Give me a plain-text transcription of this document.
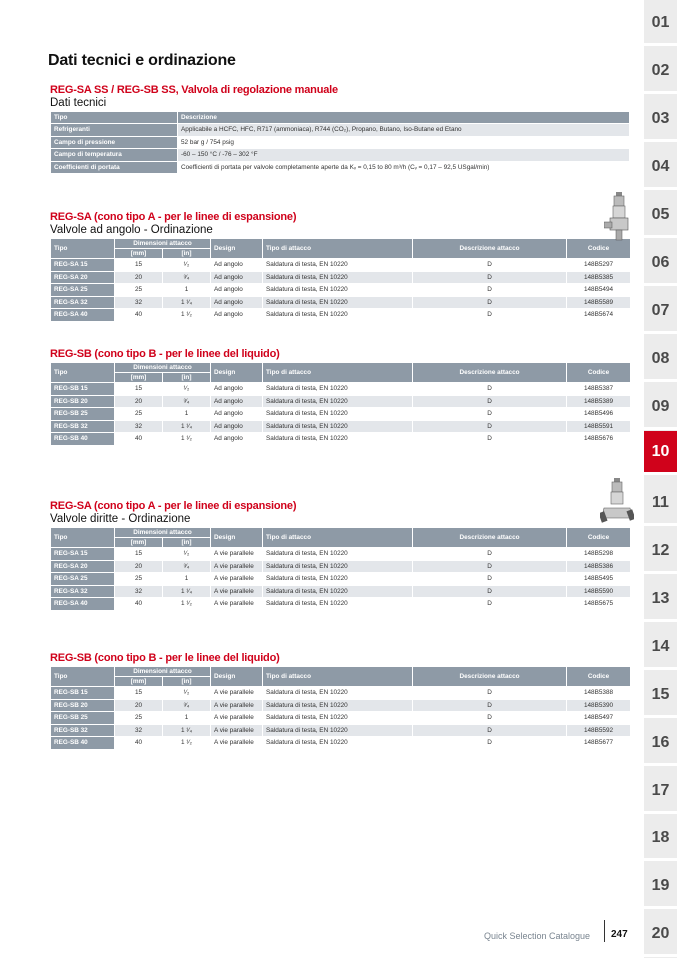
Dati tecnici e ordinazione
REG-SA SS / REG-SB SS, Valvola di regolazione manuale
Dati tecnici
Tipo	Descrizione
Refrigeranti	Applicabile a HCFC, HFC, R717 (ammoniaca), R744 (CO₂), Propano, Butano, Iso-Butane ed Etano
Campo di pressione	52 bar g / 754 psig
Campo di temperatura	-60 – 150 °C / -76 – 302 °F
Coefficienti di portata	Coefficienti di portata per valvole completamente aperte da Kᵥ = 0,15 to 80 m³/h (Cᵥ = 0,17 – 92,5 USgal/min)
REG-SA (cono tipo A - per le linee di espansione)
Valvole ad angolo - Ordinazione
Tipo	Dimensioni attacco		Design	Tipo di attacco	Descrizione attacco	Codice
	[mm]	[in]				
REG-SA 15	15	¹⁄₂	Ad angolo	Saldatura di testa, EN 10220	D	148B5297
REG-SA 20	20	³⁄₄	Ad angolo	Saldatura di testa, EN 10220	D	148B5385
REG-SA 25	25	1	Ad angolo	Saldatura di testa, EN 10220	D	148B5494
REG-SA 32	32	1 ¹⁄₄	Ad angolo	Saldatura di testa, EN 10220	D	148B5589
REG-SA 40	40	1 ¹⁄₂	Ad angolo	Saldatura di testa, EN 10220	D	148B5674
REG-SB (cono tipo B - per le linee del liquido)
Tipo	Dimensioni attacco		Design	Tipo di attacco	Descrizione attacco	Codice
	[mm]	[in]				
REG-SB 15	15	¹⁄₂	Ad angolo	Saldatura di testa, EN 10220	D	148B5387
REG-SB 20	20	³⁄₄	Ad angolo	Saldatura di testa, EN 10220	D	148B5389
REG-SB 25	25	1	Ad angolo	Saldatura di testa, EN 10220	D	148B5496
REG-SB 32	32	1 ¹⁄₄	Ad angolo	Saldatura di testa, EN 10220	D	148B5591
REG-SB 40	40	1 ¹⁄₂	Ad angolo	Saldatura di testa, EN 10220	D	148B5676
REG-SA (cono tipo A - per le linee di espansione)
Valvole diritte - Ordinazione
Tipo	Dimensioni attacco		Design	Tipo di attacco	Descrizione attacco	Codice
	[mm]	[in]				
REG-SA 15	15	¹⁄₂	A vie parallele	Saldatura di testa, EN 10220	D	148B5298
REG-SA 20	20	³⁄₄	A vie parallele	Saldatura di testa, EN 10220	D	148B5386
REG-SA 25	25	1	A vie parallele	Saldatura di testa, EN 10220	D	148B5495
REG-SA 32	32	1 ¹⁄₄	A vie parallele	Saldatura di testa, EN 10220	D	148B5590
REG-SA 40	40	1 ¹⁄₂	A vie parallele	Saldatura di testa, EN 10220	D	148B5675
REG-SB (cono tipo B - per le linee del liquido)
Tipo	Dimensioni attacco		Design	Tipo di attacco	Descrizione attacco	Codice
	[mm]	[in]				
REG-SB 15	15	¹⁄₂	A vie parallele	Saldatura di testa, EN 10220	D	148B5388
REG-SB 20	20	³⁄₄	A vie parallele	Saldatura di testa, EN 10220	D	148B5390
REG-SB 25	25	1	A vie parallele	Saldatura di testa, EN 10220	D	148B5497
REG-SB 32	32	1 ¹⁄₄	A vie parallele	Saldatura di testa, EN 10220	D	148B5592
REG-SB 40	40	1 ¹⁄₂	A vie parallele	Saldatura di testa, EN 10220	D	148B5677
01
02
03
04
05
06
07
08
09
10
11
12
13
14
15
16
17
18
19
20
Quick Selection Catalogue 247
